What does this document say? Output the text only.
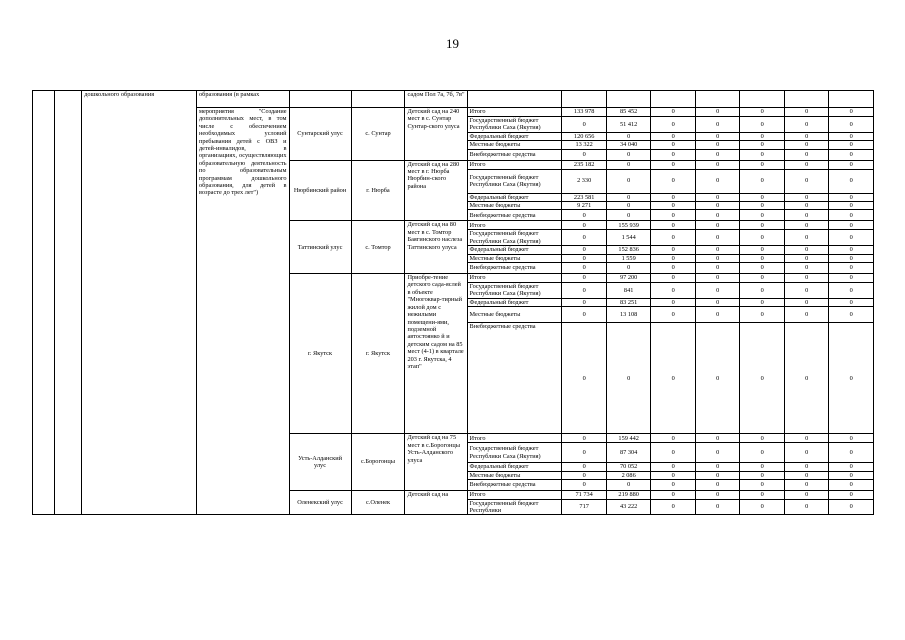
19
		дошкольного образования	образования (в рамках			садом Пол 7а, 7б, 7в"								
			мероприятия "Создание дополнительных мест, в том числе с обеспечением необходимых условий пребывания детей с ОВЗ и детей-инвалидов, в организациях, осуществляющих образовательную деятельность по образовательным программам дошкольного образования, для детей в возрасте до трех лет")	Сунтарский улус	с. Сунтар	Детский сад на 240 мест в с. Сунтар Сунтар-ского улуса	Итого	133 978	85 452	0	0	0	0	0
							Государственный бюджет Республики Саха (Якутия)	0	51 412	0	0	0	0	0
							Федеральный бюджет	120 656	0	0	0	0	0	0
							Местные бюджеты	13 322	34 040	0	0	0	0	0
							Внебюджетные средства	0	0	0	0	0	0	0
				Нюрбинский район	г. Нюрба	Детский сад на 280 мест в г. Нюрба Нюрбин-ского района	Итого	235 182	0	0	0	0	0	0
							Государственный бюджет Республики Саха (Якутия)	2 330	0	0	0	0	0	0
							Федеральный бюджет	223 581	0	0	0	0	0	0
							Местные бюджеты	9 271	0	0	0	0	0	0
							Внебюджетные средства	0	0	0	0	0	0	0
				Таттинский улус	с. Томтор	Детский сад на 80 мест в с. Томтор Баягинского наслеза Таттинского улуса	Итого	0	155 939	0	0	0	0	0
							Государственный бюджет Республики Саха (Якутия)	0	1 544	0	0	0	0	0
							Федеральный бюджет	0	152 836	0	0	0	0	0
							Местные бюджеты	0	1 559	0	0	0	0	0
							Внебюджетные средства	0	0	0	0	0	0	0
				г. Якутск	г. Якутск	Приобре-тение детского сада-яслей в объекте "Многоквар-тирный жилой дом с нежилыми помещени-ями, подземной автостоянко й и детским садом на 85 мест (4-1) в квартале 203 г. Якутска, 4 этап"	Итого	0	97 200	0	0	0	0	0
							Государственный бюджет Республики Саха (Якутия)	0	841	0	0	0	0	0
							Федеральный бюджет	0	83 251	0	0	0	0	0
							Местные бюджеты	0	13 108	0	0	0	0	0
							Внебюджетные средства	0	0	0	0	0	0	0
				Усть-Алданский улус	с.Борогонцы	Детский сад на 75 мест в с.Борогонцы Усть-Алданского улуса	Итого	0	159 442	0	0	0	0	0
							Государственный бюджет Республики Саха (Якутия)	0	87 304	0	0	0	0	0
							Федеральный бюджет	0	70 052	0	0	0	0	0
							Местные бюджеты	0	2 086	0	0	0	0	0
							Внебюджетные средства	0	0	0	0	0	0	0
				Оленекский улус	с.Оленек	Детский сад на	Итого	71 734	219 880	0	0	0	0	0
							Государственный бюджет Республики	717	43 222	0	0	0	0	0
